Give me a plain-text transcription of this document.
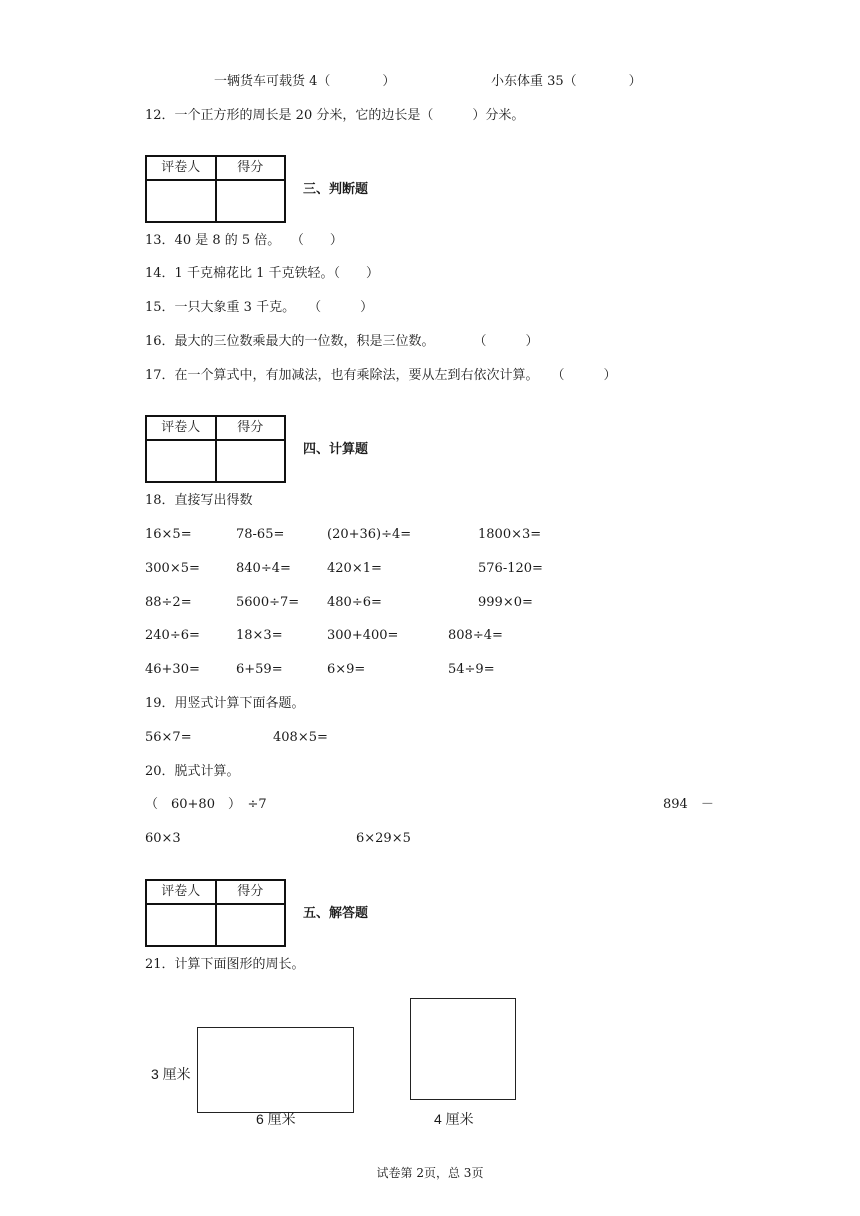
一辆货车可载货 4（　　　　）	小东体重 35（　　　　）
12．一个正方形的周长是 20 分米，它的边长是（　　　）分米。
评卷人	得分

三、判断题
13．40 是 8 的 5 倍。　 （　　）
14．1 千克棉花比 1 千克铁轻。（　　）
15．一只大象重 3 千克。　　（　　　）
16．最大的三位数乘最大的一位数，积是三位数。　　　　（　　　）
17．在一个算式中，有加减法，也有乘除法，要从左到右依次计算。　　（　　　）
评卷人	得分

四、计算题
18．直接写出得数
16×5=	78-65=	(20+36)÷4=	1800×3=
300×5=	840÷4=	420×1=	576-120=
88÷2=	5600÷7= 480÷6=	999×0=
240÷6=	18×3=	300+400=	808÷4=
46+30=	6+59=	6×9=	54÷9=
19．用竖式计算下面各题。
56×7=	408×5=
20．脱式计算。
（　60+80　）　÷7	894　－
60×3	6×29×5
评卷人	得分

五、解答题
21．计算下面图形的周长。
3 厘米
6 厘米	4 厘米
试卷第 2页，总 3页
